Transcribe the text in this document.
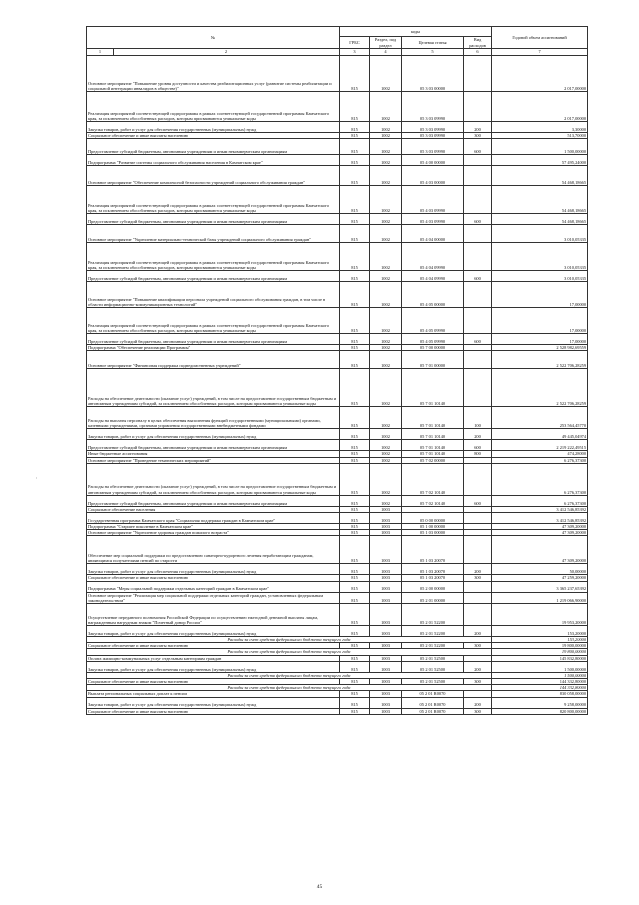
№	коды				Годовой объем ассигнований
	ГРБС	Раздел, под раздел	Целевая статья	Вид расходов	

1 2	3	4	5	6	7
Основное мероприятие "Повышение уровня доступности и качества реабилитационных услуг (развитие системы реабилитации и социальной интеграции инвалидов в обществе)"	815	1002	05 3 03 00000		2 017,00000
Реализация мероприятий соответствующей подпрограммы в рамках соответствующей государственной программы Камчатского края, за исключением обособленных расходов, которым присваиваются уникальные коды	815	1002	05 3 03 09990		2 017,00000
Закупка товаров, работ и услуг для обеспечения государственных (муниципальных) нужд	815	1002	05 3 03 09990	200	3,30000
Социальное обеспечение и иные выплаты населению	815	1002	05 3 03 09990	300	513,70000
Предоставление субсидий бюджетным, автономным учреждениям и иным некоммерческим организациям	815	1002	05 3 03 09990	600	1 500,00000
Подпрограмма "Развитие системы социального обслуживания населения в Камчатском крае"	815	1002	05 4 00 00000		57 495,24000
Основное мероприятие "Обеспечение комплексной безопасности учреждений социального обслуживания граждан"	815	1002	05 4 03 00000		54 468,18665
Реализация мероприятий соответствующей подпрограммы в рамках соответствующей государственной программы Камчатского края, за исключением обособленных расходов, которым присваиваются уникальные коды	815	1002	05 4 03 09990		54 468,18665
Предоставление субсидий бюджетным, автономным учреждениям и иным некоммерческим организациям	815	1002	05 4 03 09990	600	54 468,18665
Основное мероприятие "Укрепление материально-технической базы учреждений социального обслуживания граждан"	815	1002	05 4 04 00000		3 010,05335
Реализация мероприятий соответствующей подпрограммы в рамках соответствующей государственной программы Камчатского края, за исключением обособленных расходов, которым присваиваются уникальные коды	815	1002	05 4 04 09990		3 010,05335
Предоставление субсидий бюджетным, автономным учреждениям и иным некоммерческим организациям	815	1002	05 4 04 09990	600	3 010,05335
Основное мероприятие "Повышение квалификации персонала учреждений социального обслуживания граждан, в том числе в области информационно-коммуникационных технологий"	815	1002	05 4 05 00000		17,00000
Реализация мероприятий соответствующей подпрограммы в рамках соответствующей государственной программы Камчатского края, за исключением обособленных расходов, которым присваиваются уникальные коды	815	1002	05 4 05 09990		17,00000
Предоставление субсидий бюджетным, автономным учреждениям и иным некоммерческим организациям	815	1002	05 4 05 09990	600	17,00000
Подпрограмма "Обеспечение реализации Программы"	815	1002	05 7 00 00000		2 528 982,69559
Основное мероприятие "Финансовая поддержка подведомственных учреждений"	815	1002	05 7 01 00000		2 522 706,28259
Расходы на обеспечение деятельности (оказание услуг) учреждений, в том числе на предоставление государственным бюджетным и автономным учреждениям субсидий, за исключением обособленных расходов, которым присваиваются уникальные коды	815	1002	05 7 01 10140		2 522 706,28259
Расходы на выплаты персоналу в целях обеспечения выполнения функций государственными (муниципальными) органами, казенными учреждениями, органами управления государственными внебюджетными фондами	815	1002	05 7 01 10140	100	253 564,45770
Закупка товаров, работ и услуг для обеспечения государственных (муниципальных) нужд	815	1002	05 7 01 10140	200	49 445,04974
Предоставление субсидий бюджетным, автономным учреждениям и иным некоммерческим организациям	815	1002	05 7 01 10140	600	2 219 222,49515
Иные бюджетные ассигнования	815	1002	05 7 01 10140	800	474,28000
Основное мероприятие "Проведение тематических мероприятий"	815	1002	05 7 02 00000		6 276,37300
Расходы на обеспечение деятельности (оказание услуг) учреждений, в том числе на предоставление государственным бюджетным и автономным учреждениям субсидий, за исключением обособленных расходов, которым присваиваются уникальные коды	815	1002	05 7 02 10140		6 276,37300
Предоставление субсидий бюджетным, автономным учреждениям и иным некоммерческим организациям	815	1002	05 7 02 10140	600	6 276,37300
Социальное обеспечение населения	815	1003			3 412 546,85392
Государственная программа Камчатского края "Социальная поддержка граждан в Камчатском крае"	815	1003	05 0 00 00000		3 412 546,85392
Подпрограмма "Старшее поколение в Камчатском крае"	815	1003	05 1 00 00000		47 309,20000
Основное мероприятие "Укрепление здоровья граждан пожилого возраста"	815	1003	05 1 03 00000		47 309,20000
Обеспечение мер социальной поддержки по предоставлению санаторно-курортного лечения неработающим гражданам, являющимся получателями пенсий по старости	815	1003	05 1 03 20070		47 309,20000
Закупка товаров, работ и услуг для обеспечения государственных (муниципальных) нужд	815	1003	05 1 03 20070	200	50,00000
Социальное обеспечение и иные выплаты населению	815	1003	05 1 03 20070	300	47 259,20000
Подпрограмма "Меры социальной поддержки отдельных категорий граждан в Камчатском крае"	815	1003	05 2 00 00000		3 365 237,65392
Основное мероприятие "Реализация мер социальной поддержки отдельных категорий граждан, установленных федеральным законодательством"	815	1003	05 2 01 00000		1 219 066,90000
Осуществление переданного полномочия Российской Федерации по осуществлению ежегодной денежной выплаты лицам, награжденным нагрудным знаком "Почетный донор России"	815	1003	05 2 01 52200		19 953,20000
Закупка товаров, работ и услуг для обеспечения государственных (муниципальных) нужд	815	1003	05 2 01 52200	200	153,20000
Расходы за счет средств федерального бюджета текущего года					153,20000
Социальное обеспечение и иные выплаты населению	815	1003	05 2 01 52200	300	19 800,00000
Расходы за счет средств федерального бюджета текущего года					19 800,00000
Оплата жилищно-коммунальных услуг отдельным категориям граждан	815	1003	05 2 01 52500		145 832,80000
Закупка товаров, работ и услуг для обеспечения государственных (муниципальных) нужд	815	1003	05 2 01 52500	200	1 500,00000
Расходы за счет средств федерального бюджета текущего года					1 500,00000
Социальное обеспечение и иные выплаты населению	815	1003	05 2 01 52500	300	144 332,80000
Расходы за счет средств федерального бюджета текущего года					144 332,80000
Выплата региональных социальных доплат к пенсии	815	1003	05 2 01 R0070		830 058,00000
Закупка товаров, работ и услуг для обеспечения государственных (муниципальных) нужд	815	1003	05 2 01 R0070	200	9 258,00000
Социальное обеспечение и иные выплаты населению	815	1003	05 2 01 R0070	300	820 800,00000
'
45
